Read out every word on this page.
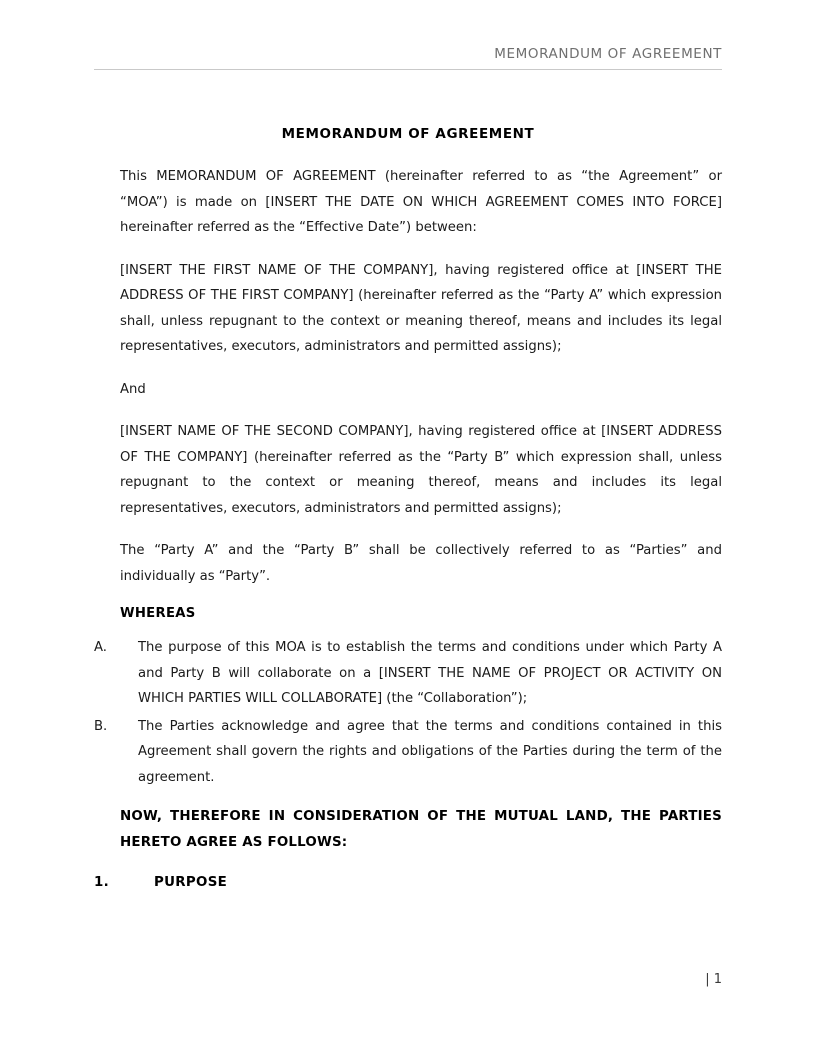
MEMORANDUM OF AGREEMENT
MEMORANDUM OF AGREEMENT

This MEMORANDUM OF AGREEMENT (hereinafter referred to as “the Agreement” or “MOA”) is made on [INSERT THE DATE ON WHICH AGREEMENT COMES INTO FORCE] hereinafter referred as the “Effective Date”) between:

[INSERT THE FIRST NAME OF THE COMPANY], having registered office at [INSERT THE ADDRESS OF THE FIRST COMPANY] (hereinafter referred as the “Party A” which expression shall, unless repugnant to the context or meaning thereof, means and includes its legal representatives, executors, administrators and permitted assigns);

And

[INSERT NAME OF THE SECOND COMPANY], having registered office at [INSERT ADDRESS OF THE COMPANY] (hereinafter referred as the “Party B” which expression shall, unless repugnant to the context or meaning thereof, means and includes its legal representatives, executors, administrators and permitted assigns);

The “Party A” and the “Party B” shall be collectively referred to as “Parties” and individually as “Party”.

WHEREAS
A.	The purpose of this MOA is to establish the terms and conditions under which Party A and Party B will collaborate on a [INSERT THE NAME OF PROJECT OR ACTIVITY ON WHICH PARTIES WILL COLLABORATE] (the “Collaboration”);
B.	The Parties acknowledge and agree that the terms and conditions contained in this Agreement shall govern the rights and obligations of the Parties during the term of the agreement.
NOW, THEREFORE IN CONSIDERATION OF THE MUTUAL LAND, THE PARTIES HERETO AGREE AS FOLLOWS:
1.	PURPOSE
| 1
